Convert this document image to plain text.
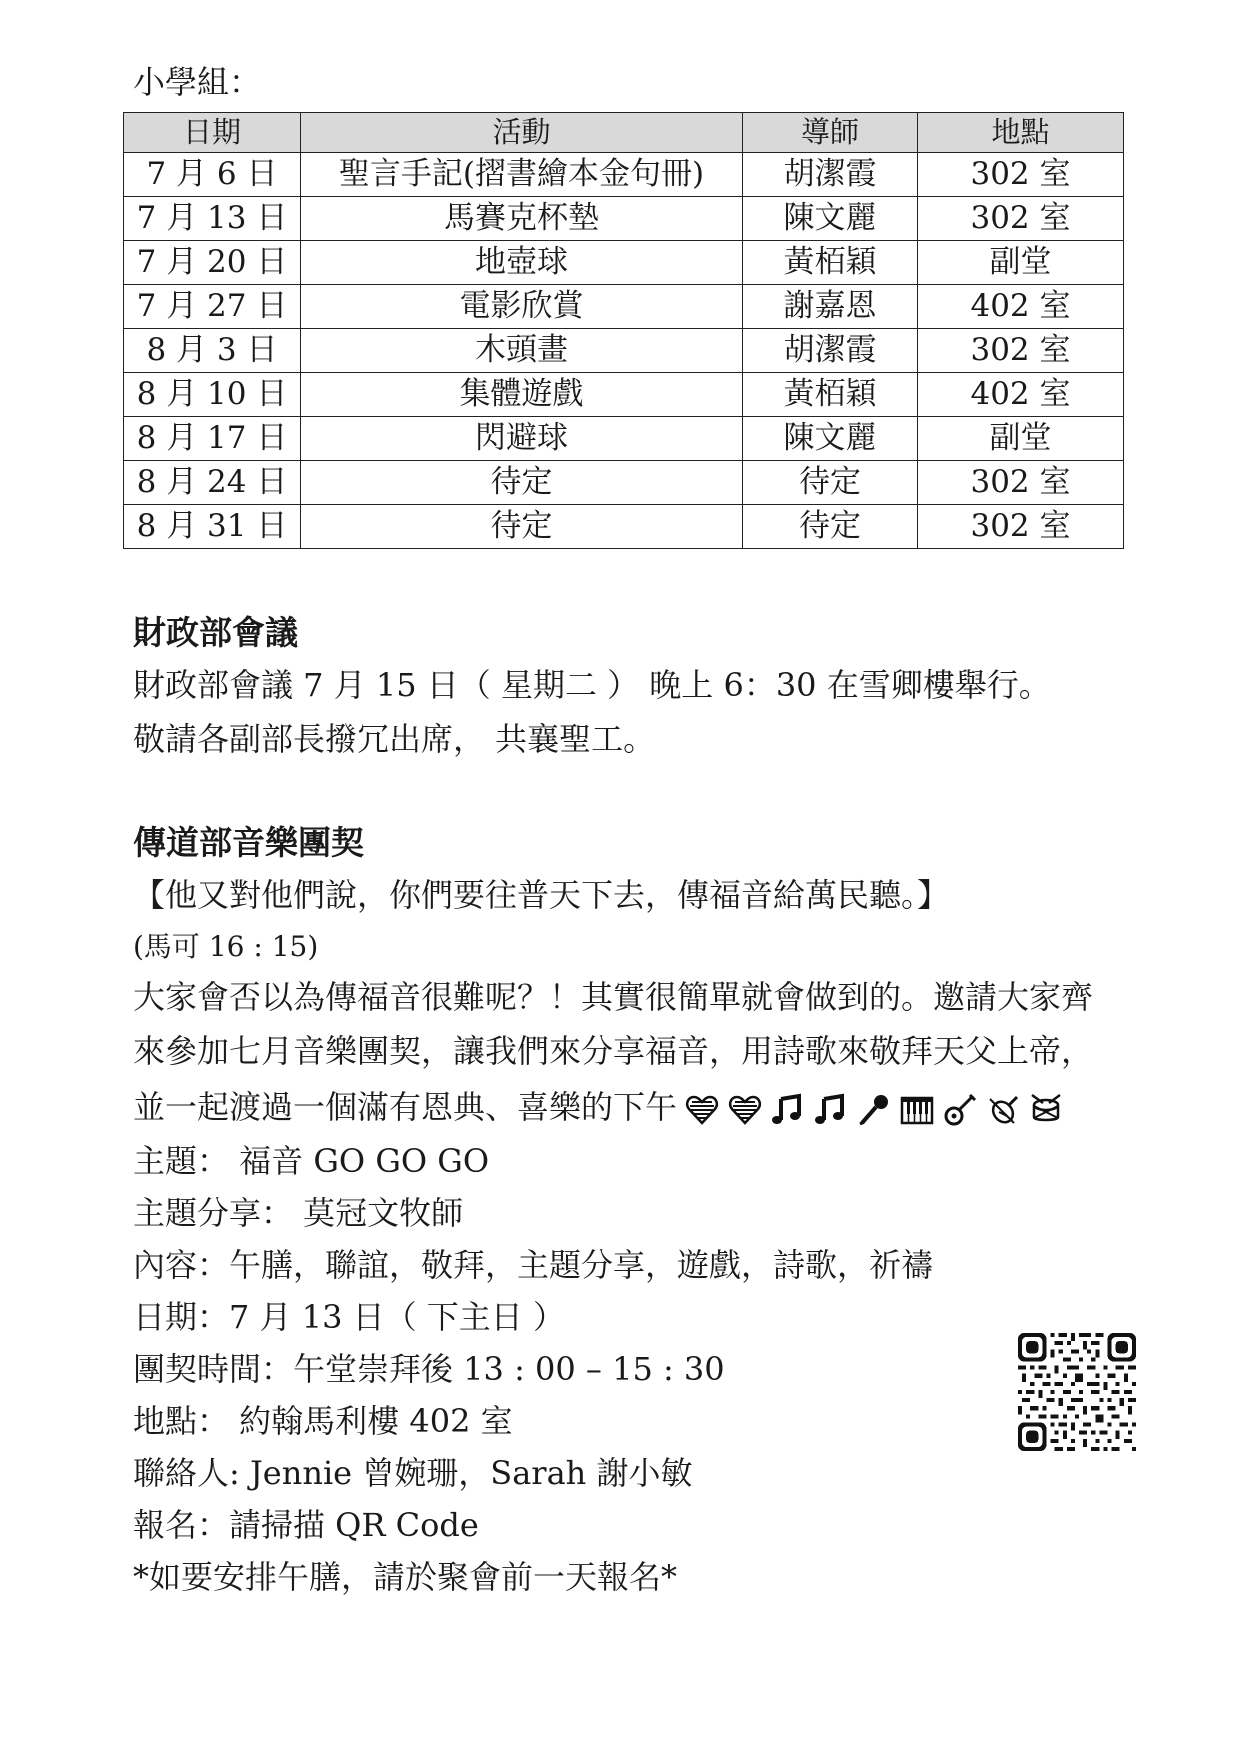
小學組：
日期	活動	導師	地點
7 月 6 日	聖言手記(摺書繪本金句冊)	胡潔霞	302 室
7 月 13 日	馬賽克杯墊	陳文麗	302 室
7 月 20 日	地壺球	黃栢穎	副堂
7 月 27 日	電影欣賞	謝嘉恩	402 室
8 月 3 日	木頭畫	胡潔霞	302 室
8 月 10 日	集體遊戲	黃栢穎	402 室
8 月 17 日	閃避球	陳文麗	副堂
8 月 24 日	待定	待定	302 室
8 月 31 日	待定	待定	302 室
財政部會議
財政部會議 7 月 15 日（ 星期二 ） 晚上 6：30 在雪卿樓舉行。
敬請各副部長撥冗出席， 共襄聖工。
傳道部音樂團契
【他又對他們說，你們要往普天下去，傳福音給萬民聽。】
(馬可 16 : 15)
大家會否以為傳福音很難呢？！其實很簡單就會做到的。邀請大家齊
來參加七月音樂團契，讓我們來分享福音，用詩歌來敬拜天父上帝，
並一起渡過一個滿有恩典、喜樂的下午
主題： 福音 GO GO GO
主題分享： 莫冠文牧師
內容：午膳，聯誼，敬拜，主題分享，遊戲，詩歌，祈禱
日期：7 月 13 日（ 下主日 ）
團契時間：午堂崇拜後 13 : 00 – 15 : 30
地點： 約翰馬利樓 402 室
聯絡人: Jennie 曾婉珊，Sarah 謝小敏
報名：請掃描 QR Code
*如要安排午膳，請於聚會前一天報名*
